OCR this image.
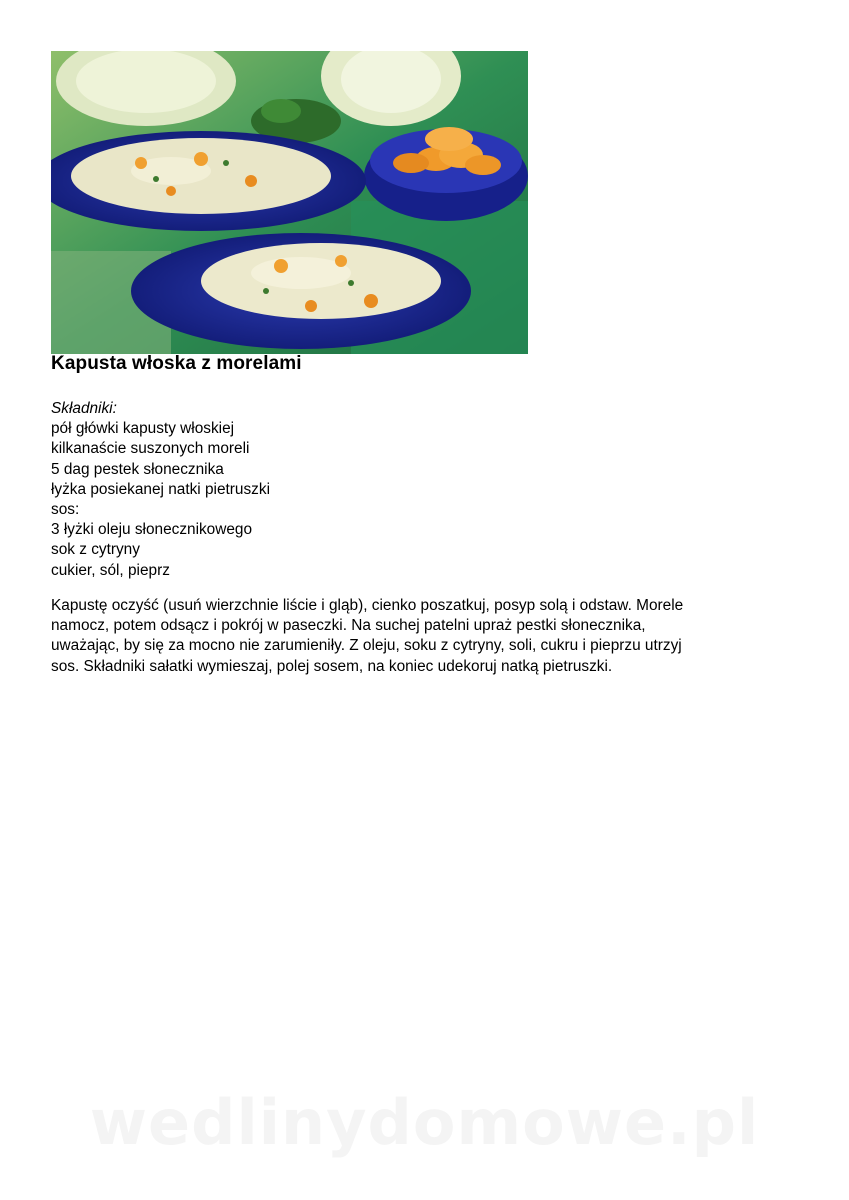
Kapusta włoska z morelami
Składniki:
pół główki kapusty włoskiej
kilkanaście suszonych moreli
5 dag pestek słonecznika
łyżka posiekanej natki pietruszki
sos:
3 łyżki oleju słonecznikowego
sok z cytryny
cukier, sól, pieprz
Kapustę oczyść (usuń wierzchnie liście i gląb), cienko poszatkuj, posyp solą i odstaw. Morele
namocz, potem odsącz i pokrój w paseczki. Na suchej patelni upraż pestki słonecznika,
uważając, by się za mocno nie zarumieniły. Z oleju, soku z cytryny, soli, cukru i pieprzu utrzyj
sos. Składniki sałatki wymieszaj, polej sosem, na koniec udekoruj natką pietruszki.
wedlinydomowe.pl
